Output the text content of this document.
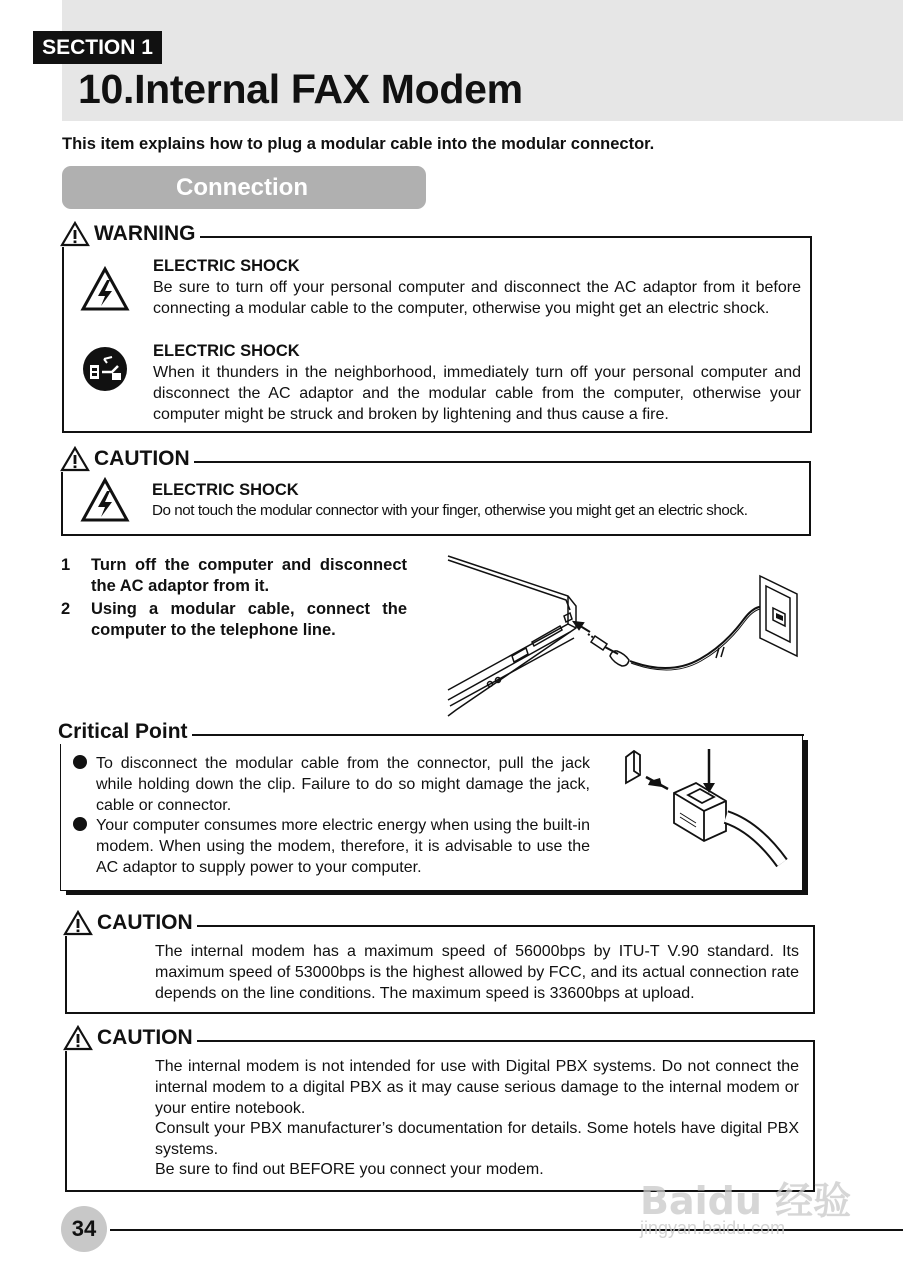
SECTION 1
10.Internal FAX Modem
This item explains how to plug a modular cable into the modular connector.
Connection
WARNING
ELECTRIC SHOCK
Be sure to turn off your personal computer and disconnect the AC adaptor from it before connecting a modular cable to the computer, otherwise you might get an electric shock.
ELECTRIC SHOCK
When it thunders in the neighborhood, immediately turn off your personal computer and disconnect the AC adaptor and the modular cable from the computer, otherwise your computer might be struck and broken by lightening and thus cause a fire.
CAUTION
ELECTRIC SHOCK
Do not touch the modular connector with your finger, otherwise you might get an electric shock.
1 Turn off the computer and disconnect the AC adaptor from it.
2 Using a modular cable, connect the computer to the telephone line.
Critical Point
To disconnect the modular cable from the connector, pull the jack while holding down the clip. Failure to do so might damage the jack, cable or connector.
Your computer consumes more electric energy when using the built-in modem. When using the modem, therefore, it is advisable to use the AC adaptor to supply power to your computer.
CAUTION
The internal modem has a maximum speed of 56000bps by ITU-T V.90 standard. Its maximum speed of 53000bps is the highest allowed by FCC, and its actual connection rate depends on the line conditions. The maximum speed is 33600bps at upload.
CAUTION
The internal modem is not intended for use with Digital PBX systems. Do not connect the internal modem to a digital PBX as it may cause serious damage to the internal modem or your entire notebook.
Consult your PBX manufacturer’s documentation for details. Some hotels have digital PBX systems.
Be sure to find out BEFORE you connect your modem.
34
Baidu 经验
jingyan.baidu.com
